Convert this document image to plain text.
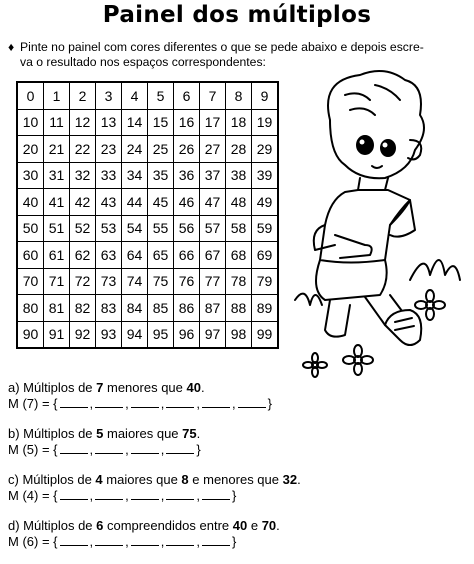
Painel dos múltiplos
♦ Pinte no painel com cores diferentes o que se pede abaixo e depois escre-
va o resultado nos espaços correspondentes:
0	1	2	3	4	5	6	7	8	9
10	11	12	13	14	15	16	17	18	19
20	21	22	23	24	25	26	27	28	29
30	31	32	33	34	35	36	37	38	39
40	41	42	43	44	45	46	47	48	49
50	51	52	53	54	55	56	57	58	59
60	61	62	63	64	65	66	67	68	69
70	71	72	73	74	75	76	77	78	79
80	81	82	83	84	85	86	87	88	89
90	91	92	93	94	95	96	97	98	99
a) Múltiplos de 7 menores que 40.
M (7) = { , , , , , }
b) Múltiplos de 5 maiores que 75.
M (5) = { , , , }
c) Múltiplos de 4 maiores que 8 e menores que 32.
M (4) = { , , , , }
d) Múltiplos de 6 compreendidos entre 40 e 70.
M (6) = { , , , , }
